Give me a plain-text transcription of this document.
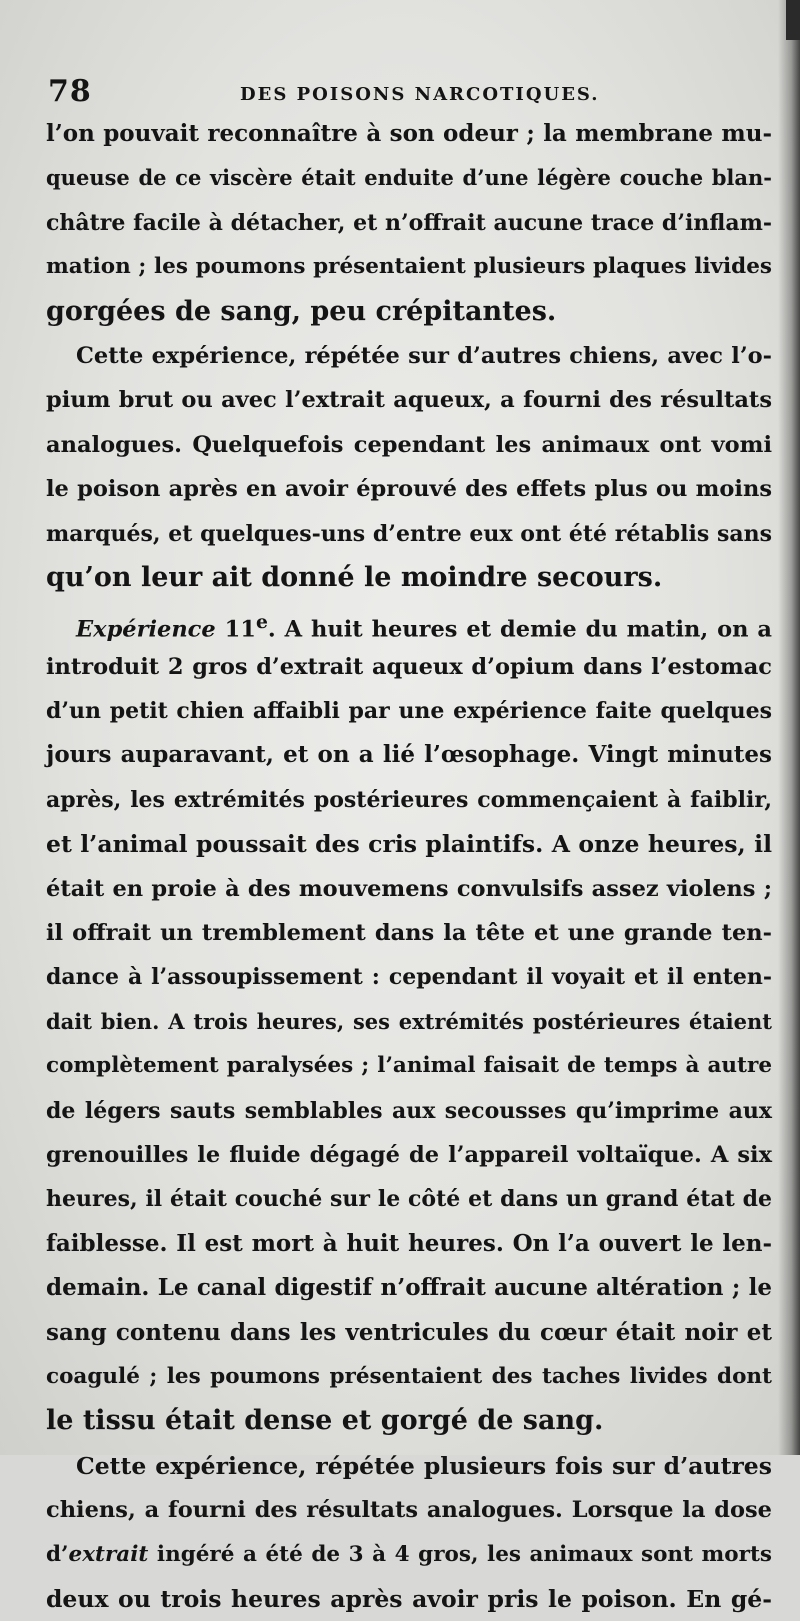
78	DES POISONS NARCOTIQUES.
l’on pouvait reconnaître à son odeur ; la membrane mu-
queuse de ce viscère était enduite d’une légère couche blan-
châtre facile à détacher, et n’offrait aucune trace d’inflam-
mation ; les poumons présentaient plusieurs plaques livides
gorgées de sang, peu crépitantes.
Cette expérience, répétée sur d’autres chiens, avec l’o-
pium brut ou avec l’extrait aqueux, a fourni des résultats
analogues. Quelquefois cependant les animaux ont vomi
le poison après en avoir éprouvé des effets plus ou moins
marqués, et quelques-uns d’entre eux ont été rétablis sans
qu’on leur ait donné le moindre secours.
Expérience 11e. A huit heures et demie du matin, on a
introduit 2 gros d’extrait aqueux d’opium dans l’estomac
d’un petit chien affaibli par une expérience faite quelques
jours auparavant, et on a lié l’œsophage. Vingt minutes
après, les extrémités postérieures commençaient à faiblir,
et l’animal poussait des cris plaintifs. A onze heures, il
était en proie à des mouvemens convulsifs assez violens ;
il offrait un tremblement dans la tête et une grande ten-
dance à l’assoupissement : cependant il voyait et il enten-
dait bien. A trois heures, ses extrémités postérieures étaient
complètement paralysées ; l’animal faisait de temps à autre
de légers sauts semblables aux secousses qu’imprime aux
grenouilles le fluide dégagé de l’appareil voltaïque. A six
heures, il était couché sur le côté et dans un grand état de
faiblesse. Il est mort à huit heures. On l’a ouvert le len-
demain. Le canal digestif n’offrait aucune altération ; le
sang contenu dans les ventricules du cœur était noir et
coagulé ; les poumons présentaient des taches livides dont
le tissu était dense et gorgé de sang.
Cette expérience, répétée plusieurs fois sur d’autres
chiens, a fourni des résultats analogues. Lorsque la dose
d’extrait ingéré a été de 3 à 4 gros, les animaux sont morts
deux ou trois heures après avoir pris le poison. En gé-
